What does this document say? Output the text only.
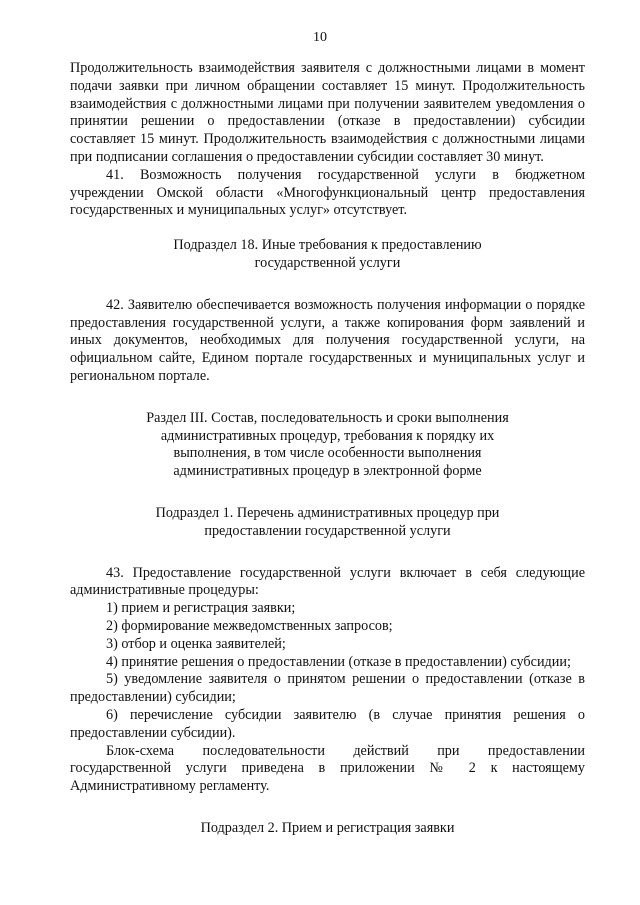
10

Продолжительность взаимодействия заявителя с должностными лицами в момент подачи заявки при личном обращении составляет 15 минут. Продолжительность взаимодействия с должностными лицами при получении заявителем уведомления о принятии решении о предоставлении (отказе в предоставлении) субсидии составляет 15 минут. Продолжительность взаимодействия с должностными лицами при подписании соглашения о предоставлении субсидии составляет 30 минут.

41. Возможность получения государственной услуги в бюджетном учреждении Омской области «Многофункциональный центр предоставления государственных и муниципальных услуг» отсутствует.

Подраздел 18. Иные требования к предоставлению
государственной услуги

42. Заявителю обеспечивается возможность получения информации о порядке предоставления государственной услуги, а также копирования форм заявлений и иных документов, необходимых для получения государственной услуги, на официальном сайте, Едином портале государственных и муниципальных услуг и региональном портале.

Раздел III. Состав, последовательность и сроки выполнения
административных процедур, требования к порядку их
выполнения, в том числе особенности выполнения
административных процедур в электронной форме

Подраздел 1. Перечень административных процедур при
предоставлении государственной услуги

43. Предоставление государственной услуги включает в себя следующие административные процедуры:

1) прием и регистрация заявки;

2) формирование межведомственных запросов;

3) отбор и оценка заявителей;

4) принятие решения о предоставлении (отказе в предоставлении) субсидии;

5) уведомление заявителя о принятом решении о предоставлении (отказе в предоставлении) субсидии;

6) перечисление субсидии заявителю (в случае принятия решения о предоставлении субсидии).

Блок-схема последовательности действий при предоставлении государственной услуги приведена в приложении № 2 к настоящему Административному регламенту.

Подраздел 2. Прием и регистрация заявки
